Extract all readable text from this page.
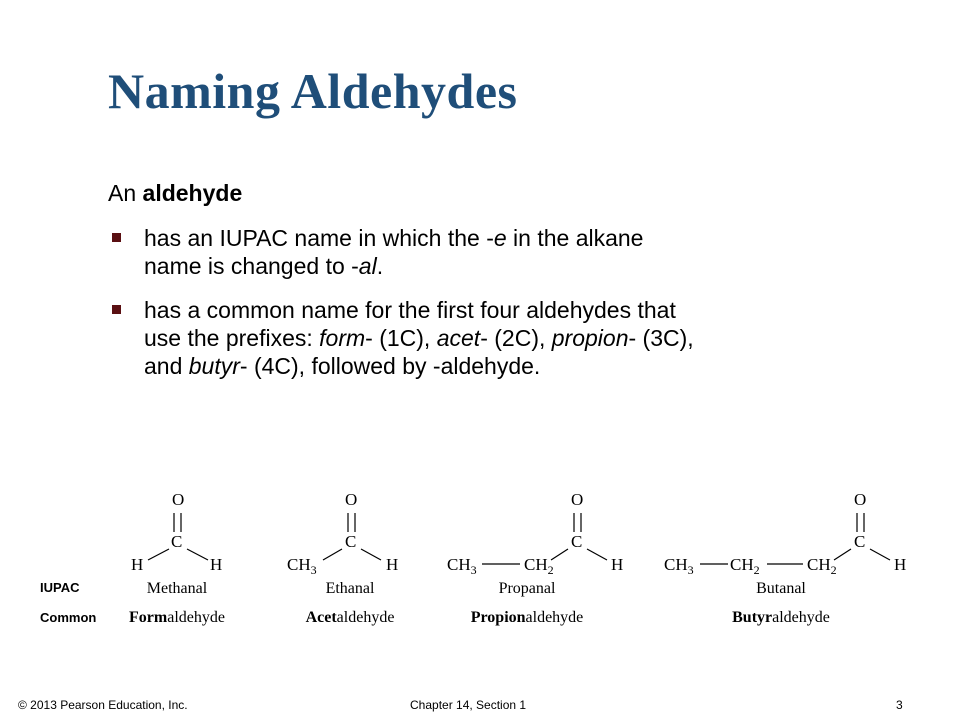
Naming Aldehydes
An aldehyde
has an IUPAC name in which the -e in the alkane
name is changed to -al.
has a common name for the first four aldehydes that
use the prefixes: form- (1C), acet- (2C), propion- (3C),
and butyr- (4C), followed by -aldehyde.
IUPAC
Common
O
C
H	H
Methanal
Formaldehyde
O
C
$CH_3$	H
Ethanal
Acetaldehyde
O
C
$CH_3$	$CH_2$	H
Propanal
Propionaldehyde
O
C
$CH_3$ $CH_2$	$CH_2$	H
Butanal
Butyraldehyde
© 2013 Pearson Education, Inc.	Chapter 14, Section 1	3
